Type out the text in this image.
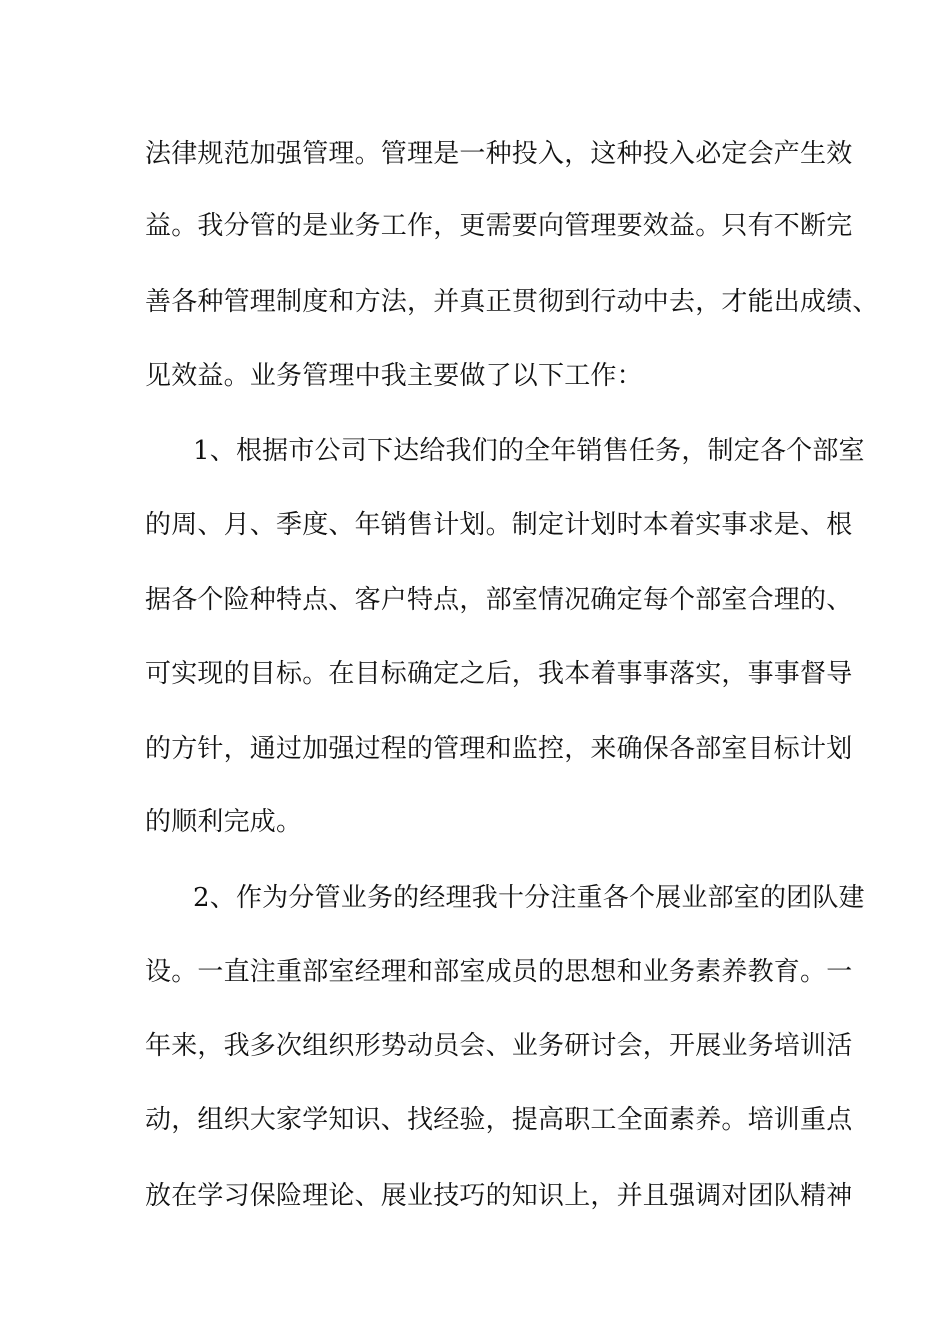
法律规范加强管理。管理是一种投入，这种投入必定会产生效
益。我分管的是业务工作，更需要向管理要效益。只有不断完
善各种管理制度和方法，并真正贯彻到行动中去，才能出成绩、
见效益。业务管理中我主要做了以下工作：
1、根据市公司下达给我们的全年销售任务，制定各个部室
的周、月、季度、年销售计划。制定计划时本着实事求是、根
据各个险种特点、客户特点，部室情况确定每个部室合理的、
可实现的目标。在目标确定之后，我本着事事落实，事事督导
的方针，通过加强过程的管理和监控，来确保各部室目标计划
的顺利完成。
2、作为分管业务的经理我十分注重各个展业部室的团队建
设。一直注重部室经理和部室成员的思想和业务素养教育。一
年来，我多次组织形势动员会、业务研讨会，开展业务培训活
动，组织大家学知识、找经验，提高职工全面素养。培训重点
放在学习保险理论、展业技巧的知识上，并且强调对团队精神
